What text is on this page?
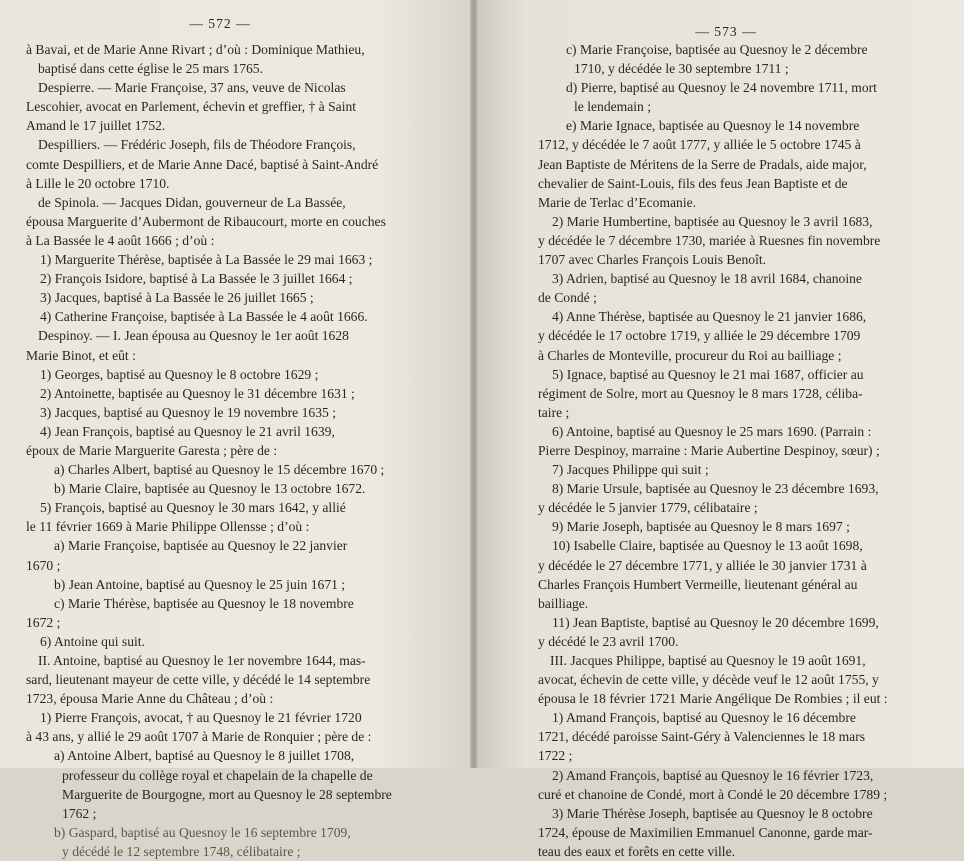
— 572 —

à Bavai, et de Marie Anne Rivart ; d’où : Dominique Mathieu,

baptisé dans cette église le 25 mars 1765.

Despierre. — Marie Françoise, 37 ans, veuve de Nicolas

Lescohier, avocat en Parlement, échevin et greffier, † à Saint

Amand le 17 juillet 1752.

Despilliers. — Frédéric Joseph, fils de Théodore François,

comte Despilliers, et de Marie Anne Dacé, baptisé à Saint-André

à Lille le 20 octobre 1710.

de Spinola. — Jacques Didan, gouverneur de La Bassée,

épousa Marguerite d’Aubermont de Ribaucourt, morte en couches

à La Bassée le 4 août 1666 ; d’où :

1) Marguerite Thérèse, baptisée à La Bassée le 29 mai 1663 ;

2) François Isidore, baptisé à La Bassée le 3 juillet 1664 ;

3) Jacques, baptisé à La Bassée le 26 juillet 1665 ;

4) Catherine Françoise, baptisée à La Bassée le 4 août 1666.

Despinoy. — I. Jean épousa au Quesnoy le 1er août 1628

Marie Binot, et eût :

1) Georges, baptisé au Quesnoy le 8 octobre 1629 ;

2) Antoinette, baptisée au Quesnoy le 31 décembre 1631 ;

3) Jacques, baptisé au Quesnoy le 19 novembre 1635 ;

4) Jean François, baptisé au Quesnoy le 21 avril 1639,

époux de Marie Marguerite Garesta ; père de :

a) Charles Albert, baptisé au Quesnoy le 15 décembre 1670 ;

b) Marie Claire, baptisée au Quesnoy le 13 octobre 1672.

5) François, baptisé au Quesnoy le 30 mars 1642, y allié

le 11 février 1669 à Marie Philippe Ollensse ; d’où :

a) Marie Françoise, baptisée au Quesnoy le 22 janvier

1670 ;

b) Jean Antoine, baptisé au Quesnoy le 25 juin 1671 ;

c) Marie Thérèse, baptisée au Quesnoy le 18 novembre

1672 ;

6) Antoine qui suit.

II. Antoine, baptisé au Quesnoy le 1er novembre 1644, mas-

sard, lieutenant mayeur de cette ville, y décédé le 14 septembre

1723, épousa Marie Anne du Château ; d’où :

1) Pierre François, avocat, † au Quesnoy le 21 février 1720

à 43 ans, y allié le 29 août 1707 à Marie de Ronquier ; père de :

a) Antoine Albert, baptisé au Quesnoy le 8 juillet 1708,

professeur du collège royal et chapelain de la chapelle de

Marguerite de Bourgogne, mort au Quesnoy le 28 septembre

1762 ;

b) Gaspard, baptisé au Quesnoy le 16 septembre 1709,

y décédé le 12 septembre 1748, célibataire ;

— 573 —

c) Marie Françoise, baptisée au Quesnoy le 2 décembre

1710, y décédée le 30 septembre 1711 ;

d) Pierre, baptisé au Quesnoy le 24 novembre 1711, mort

le lendemain ;

e) Marie Ignace, baptisée au Quesnoy le 14 novembre

1712, y décédée le 7 août 1777, y alliée le 5 octobre 1745 à

Jean Baptiste de Méritens de la Serre de Pradals, aide major,

chevalier de Saint-Louis, fils des feus Jean Baptiste et de

Marie de Terlac d’Ecomanie.

2) Marie Humbertine, baptisée au Quesnoy le 3 avril 1683,

y décédée le 7 décembre 1730, mariée à Ruesnes fin novembre

1707 avec Charles François Louis Benoît.

3) Adrien, baptisé au Quesnoy le 18 avril 1684, chanoine

de Condé ;

4) Anne Thérèse, baptisée au Quesnoy le 21 janvier 1686,

y décédée le 17 octobre 1719, y alliée le 29 décembre 1709

à Charles de Monteville, procureur du Roi au bailliage ;

5) Ignace, baptisé au Quesnoy le 21 mai 1687, officier au

régiment de Solre, mort au Quesnoy le 8 mars 1728, céliba-

taire ;

6) Antoine, baptisé au Quesnoy le 25 mars 1690. (Parrain :

Pierre Despinoy, marraine : Marie Aubertine Despinoy, sœur) ;

7) Jacques Philippe qui suit ;

8) Marie Ursule, baptisée au Quesnoy le 23 décembre 1693,

y décédée le 5 janvier 1779, célibataire ;

9) Marie Joseph, baptisée au Quesnoy le 8 mars 1697 ;

10) Isabelle Claire, baptisée au Quesnoy le 13 août 1698,

y décédée le 27 décembre 1771, y alliée le 30 janvier 1731 à

Charles François Humbert Vermeille, lieutenant général au

bailliage.

11) Jean Baptiste, baptisé au Quesnoy le 20 décembre 1699,

y décédé le 23 avril 1700.

III. Jacques Philippe, baptisé au Quesnoy le 19 août 1691,

avocat, échevin de cette ville, y décède veuf le 12 août 1755, y

épousa le 18 février 1721 Marie Angélique De Rombies ; il eut :

1) Amand François, baptisé au Quesnoy le 16 décembre

1721, décédé paroisse Saint-Géry à Valenciennes le 18 mars

1722 ;

2) Amand François, baptisé au Quesnoy le 16 février 1723,

curé et chanoine de Condé, mort à Condé le 20 décembre 1789 ;

3) Marie Thérèse Joseph, baptisée au Quesnoy le 8 octobre

1724, épouse de Maximilien Emmanuel Canonne, garde mar-

teau des eaux et forêts en cette ville.
